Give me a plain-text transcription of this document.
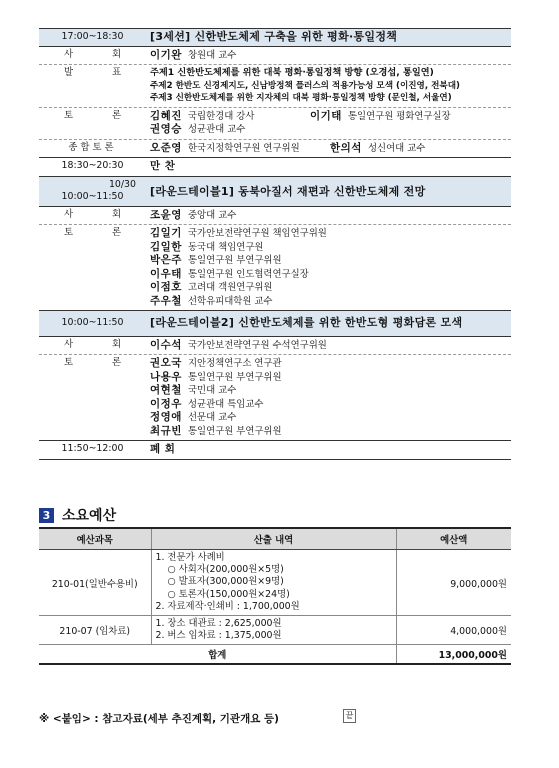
17:00~18:30	[3세션] 신한반도체제 구축을 위한 평화·통일정책
사 회	이기완 창원대 교수
발 표	주제1 신한반도체제를 위한 대북 평화·통일정책 방향 (오경섭, 통일연)
주제2 한반도 신경제지도, 신남방정책 플러스의 적용가능성 모색 (이진영, 전북대)
주제3 신한반도체제를 위한 지자체의 대북 평화·통일정책 방향 (문인철, 서울연)
토 론	김혜진 국립한경대 강사	이기태 통일연구원 평화연구실장
권영승 성균관대 교수
종합토론	오준영 한국지정학연구원 연구위원	한의석 성신여대 교수
18:30~20:30	만 찬
10/30
10:00~11:50	[라운드테이블1] 동북아질서 재편과 신한반도체제 전망
사 회	조윤영 중앙대 교수
토 론	김일기 국가안보전략연구원 책임연구위원
김일한 동국대 책임연구원
박은주 통일연구원 부연구위원
이우태 통일연구원 인도협력연구실장
이점호 고려대 객원연구위원
주우철 선학유피대학원 교수
10:00~11:50	[라운드테이블2] 신한반도체제를 위한 한반도형 평화담론 모색
사 회	이수석 국가안보전략연구원 수석연구위원
토 론	권오국 지안정책연구소 연구관
나용우 통일연구원 부연구위원
여현철 국민대 교수
이정우 성균관대 특임교수
정영애 선문대 교수
최규빈 통일연구원 부연구위원
11:50~12:00	폐 회
3 소요예산
예산과목	산출 내역	예산액
210-01(일반수용비)	1. 전문가 사례비
○ 사회자(200,000원×5명)
○ 발표자(300,000원×9명)
○ 토론자(150,000원×24명)
2. 자료제작·인쇄비 : 1,700,000원	9,000,000원
210-07 (임차료)	1. 장소 대관료 : 2,625,000원
2. 버스 임차료 : 1,375,000원	4,000,000원
합계		13,000,000원
※ <붙임> : 참고자료(세부 추진계획, 기관개요 등)	끝
